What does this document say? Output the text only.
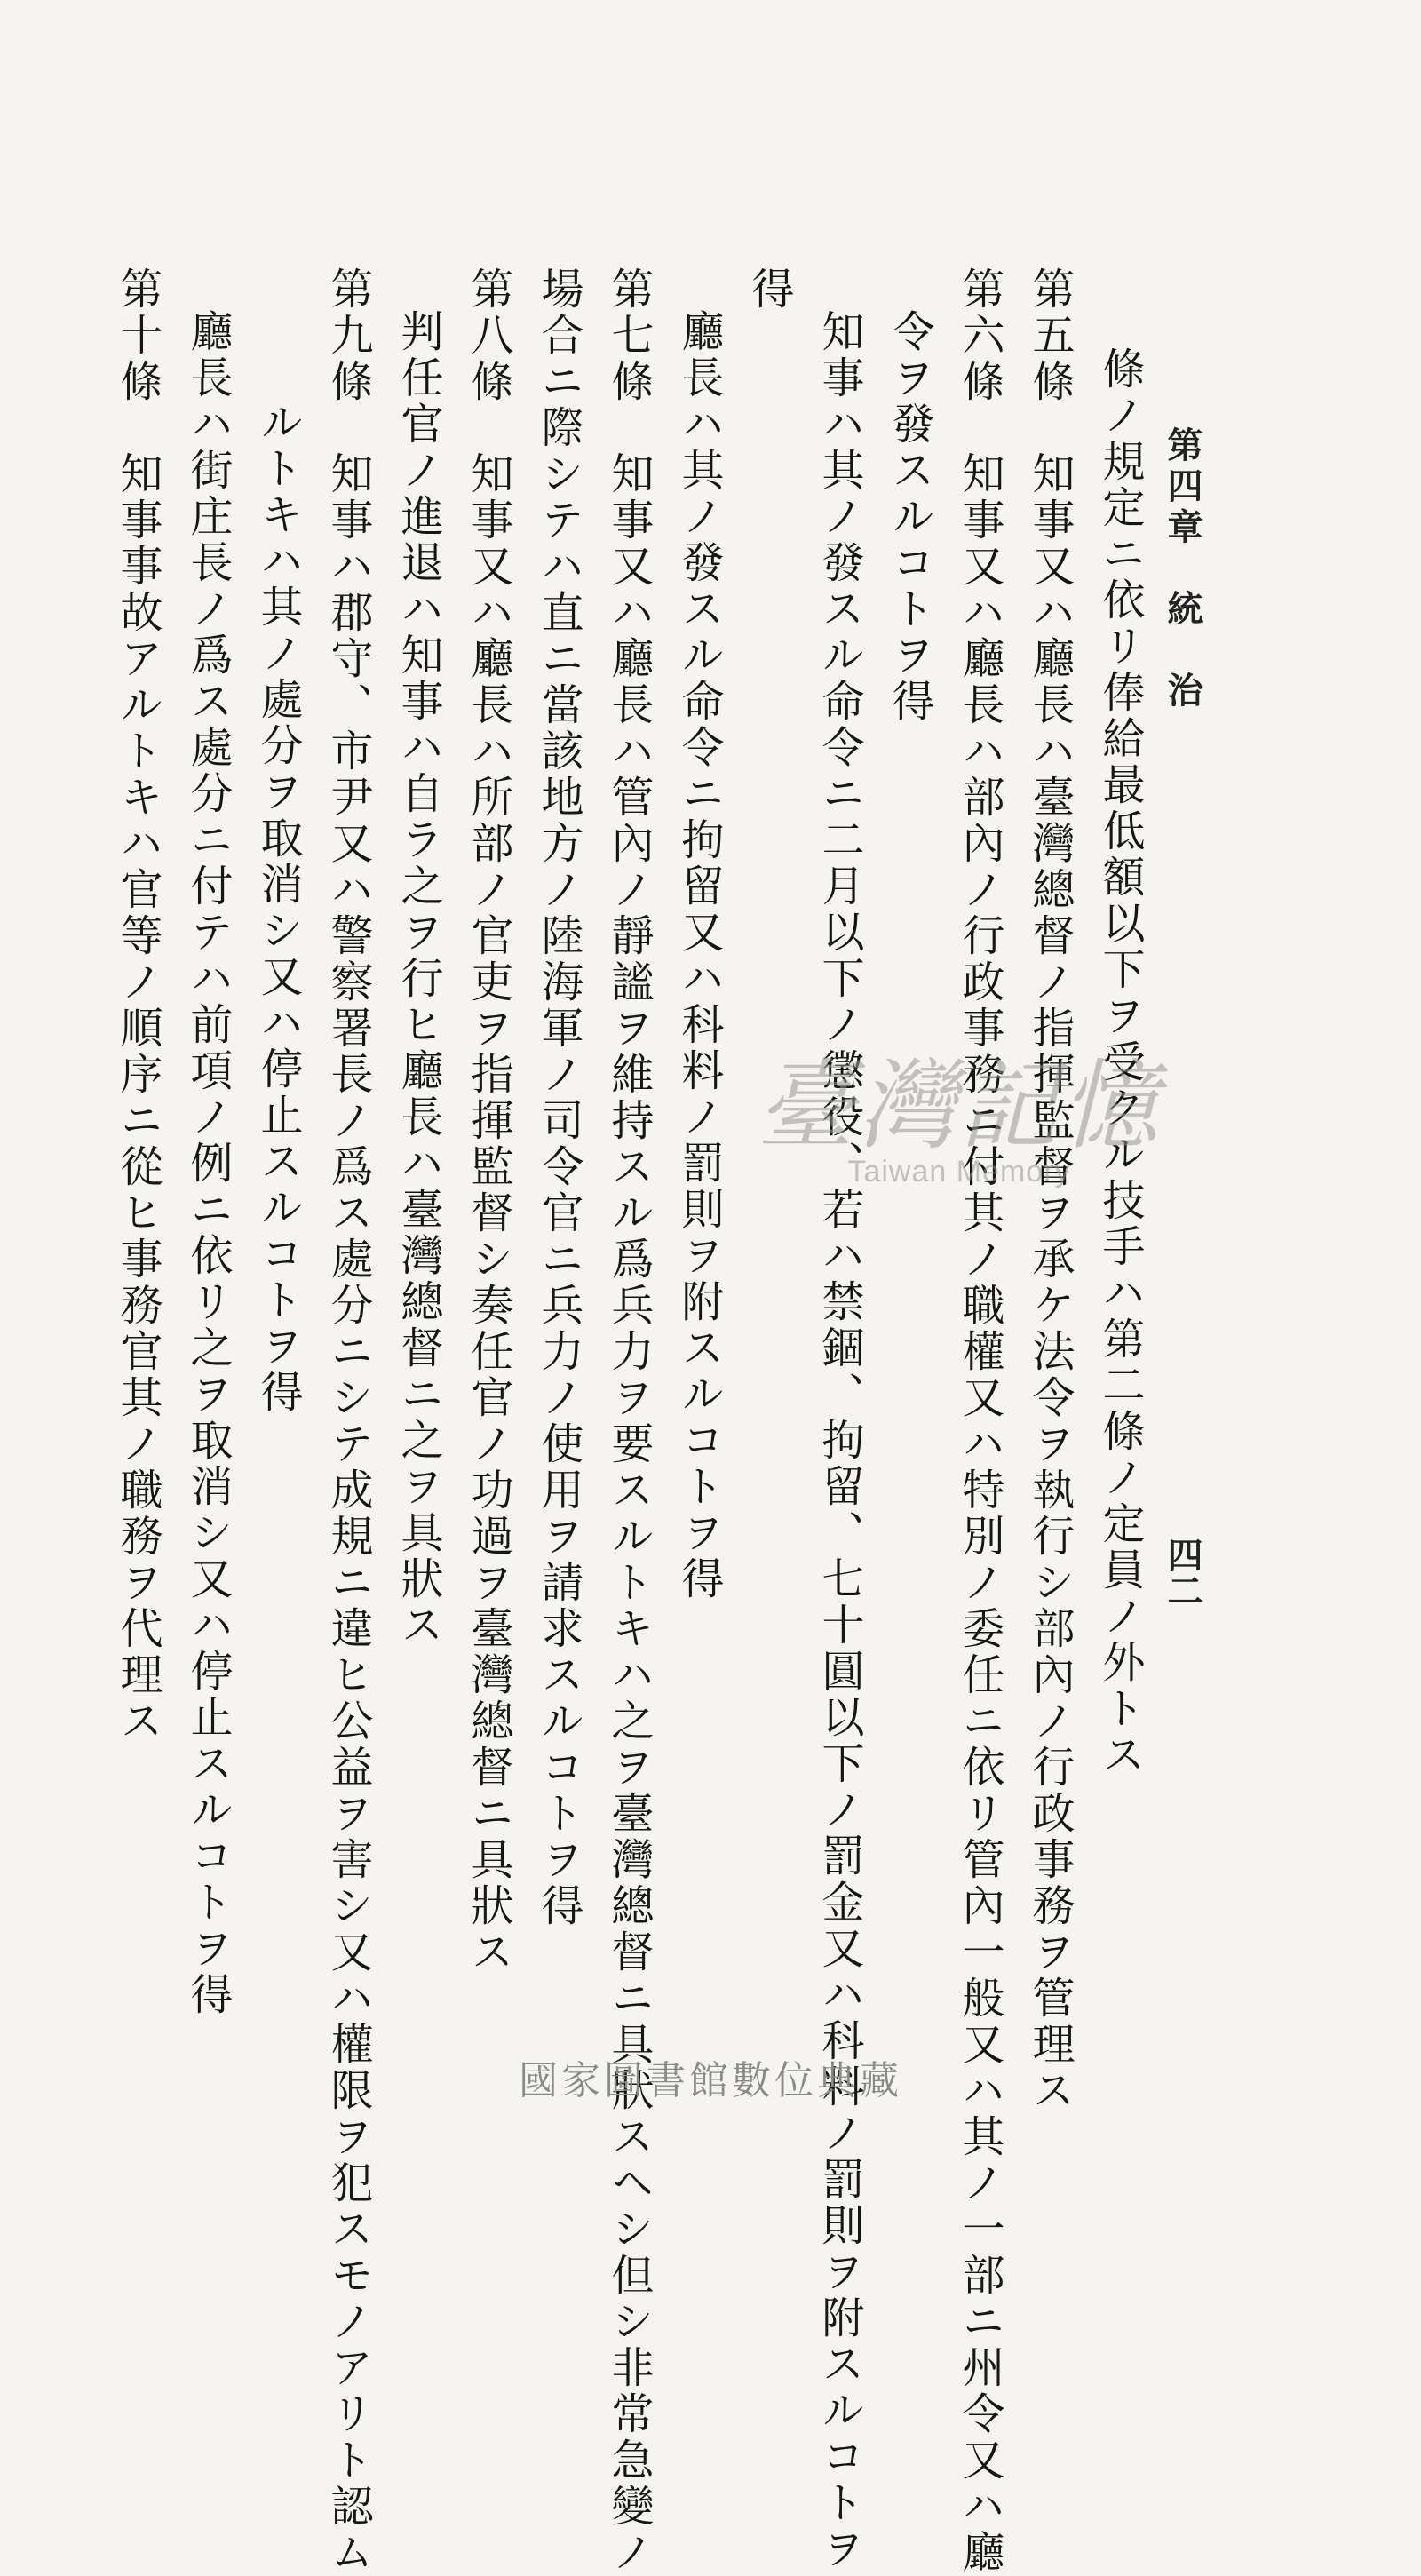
第四章　統　治
四二
條ノ規定ニ依リ俸給最低額以下ヲ受クル技手ハ第二條ノ定員ノ外トス
第五條　知事又ハ廳長ハ臺灣總督ノ指揮監督ヲ承ケ法令ヲ執行シ部內ノ行政事務ヲ管理ス
第六條　知事又ハ廳長ハ部內ノ行政事務ニ付其ノ職權又ハ特別ノ委任ニ依リ管內一般又ハ其ノ一部ニ州令又ハ廳
令ヲ發スルコトヲ得
知事ハ其ノ發スル命令ニ二月以下ノ懲役、若ハ禁錮、拘留、七十圓以下ノ罰金又ハ科料ノ罰則ヲ附スルコトヲ
得
廳長ハ其ノ發スル命令ニ拘留又ハ科料ノ罰則ヲ附スルコトヲ得
第七條　知事又ハ廳長ハ管內ノ靜謐ヲ維持スル爲兵力ヲ要スルトキハ之ヲ臺灣總督ニ具狀スヘシ但シ非常急變ノ
場合ニ際シテハ直ニ當該地方ノ陸海軍ノ司令官ニ兵力ノ使用ヲ請求スルコトヲ得
第八條　知事又ハ廳長ハ所部ノ官吏ヲ指揮監督シ奏任官ノ功過ヲ臺灣總督ニ具狀ス
判任官ノ進退ハ知事ハ自ラ之ヲ行ヒ廳長ハ臺灣總督ニ之ヲ具狀ス
第九條　知事ハ郡守、市尹又ハ警察署長ノ爲ス處分ニシテ成規ニ違ヒ公益ヲ害シ又ハ權限ヲ犯スモノアリト認ム
ルトキハ其ノ處分ヲ取消シ又ハ停止スルコトヲ得
廳長ハ街庄長ノ爲ス處分ニ付テハ前項ノ例ニ依リ之ヲ取消シ又ハ停止スルコトヲ得
第十條　知事事故アルトキハ官等ノ順序ニ從ヒ事務官其ノ職務ヲ代理ス	臺灣記憶
Taiwan Memory
國家圖書館數位典藏
